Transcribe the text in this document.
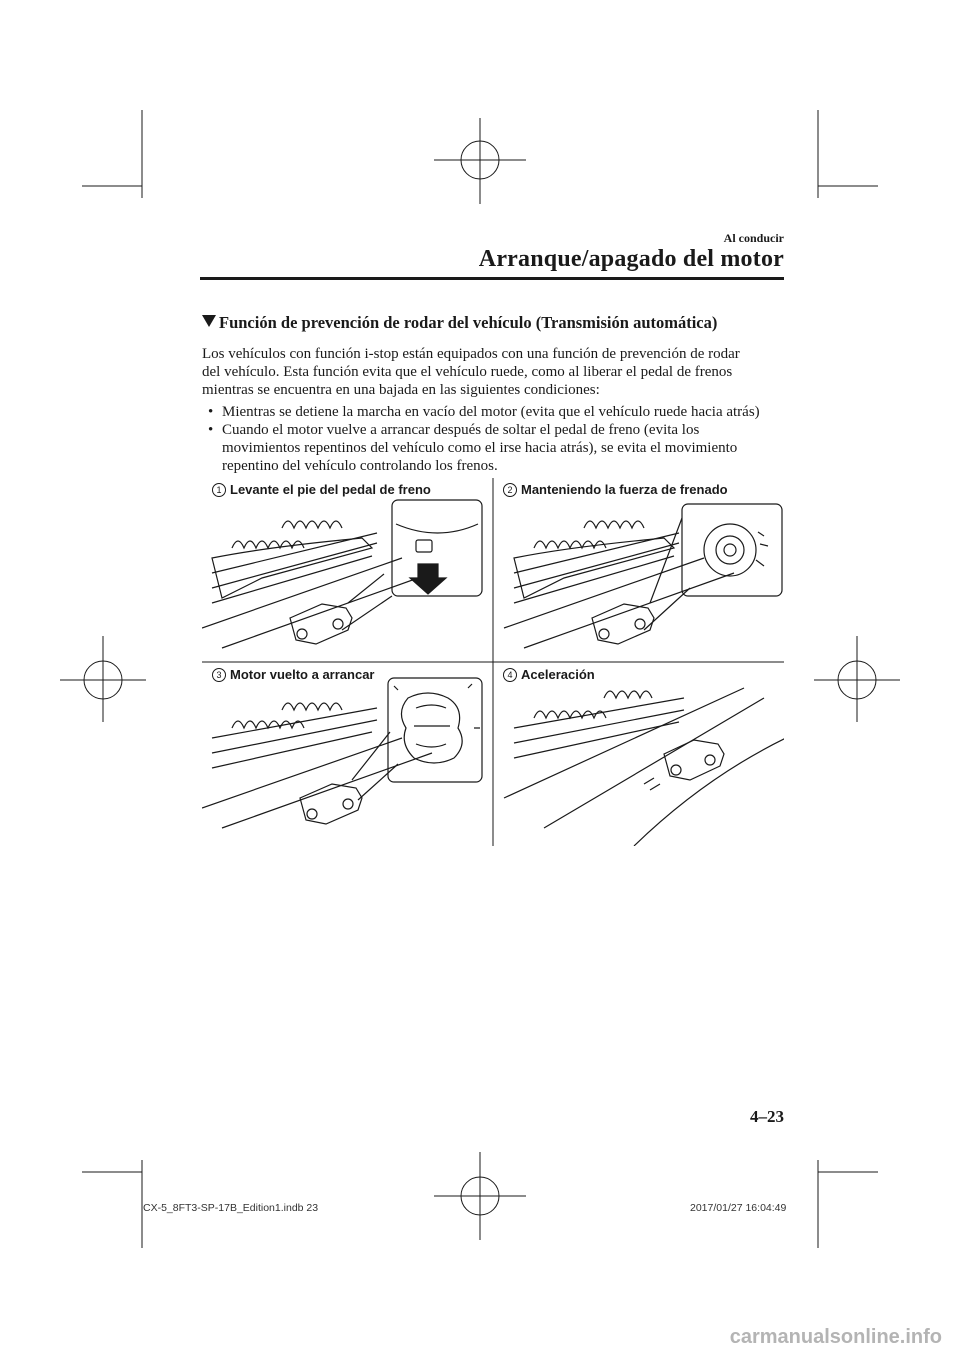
Al conducir
Arranque/apagado del motor
Función de prevención de rodar del vehículo (Transmisión automática)

Los vehículos con función i-stop están equipados con una función de prevención de rodar

del vehículo. Esta función evita que el vehículo ruede, como al liberar el pedal de frenos

mientras se encuentra en una bajada en las siguientes condiciones:

• Mientras se detiene la marcha en vacío del motor (evita que el vehículo ruede hacia atrás)
• Cuando el motor vuelve a arrancar después de soltar el pedal de freno (evita los
movimientos repentinos del vehículo como el irse hacia atrás), se evita el movimiento
repentino del vehículo controlando los frenos.
1 Levante el pie del pedal de freno	2 Manteniendo la fuerza de frenado
3 Motor vuelto a arrancar	4 Aceleración
4–23
CX-5_8FT3-SP-17B_Edition1.indb 23	2017/01/27 16:04:49
carmanualsonline.info
